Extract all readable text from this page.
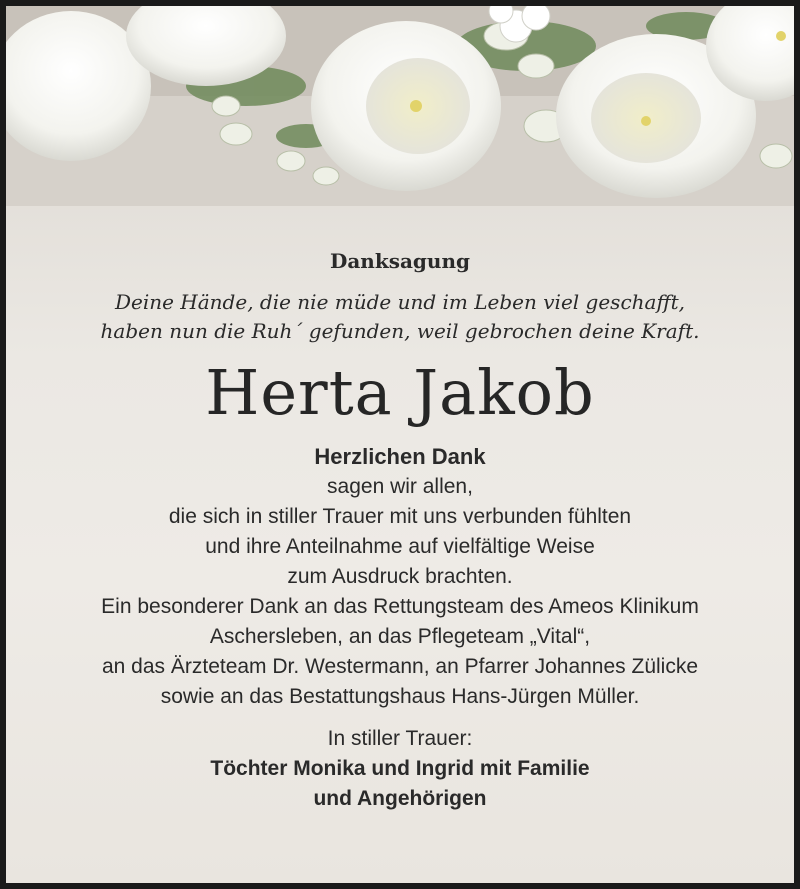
Danksagung
Deine Hände, die nie müde und im Leben viel geschafft,
haben nun die Ruh´ gefunden, weil gebrochen deine Kraft.
Herta Jakob
Herzlichen Dank
sagen wir allen,
die sich in stiller Trauer mit uns verbunden fühlten
und ihre Anteilnahme auf vielfältige Weise
zum Ausdruck brachten.
Ein besonderer Dank an das Rettungsteam des Ameos Klinikum
Aschersleben, an das Pflegeteam „Vital“,
an das Ärzteteam Dr. Westermann, an Pfarrer Johannes Zülicke
sowie an das Bestattungshaus Hans-Jürgen Müller.
In stiller Trauer:
Töchter Monika und Ingrid mit Familie
und Angehörigen
